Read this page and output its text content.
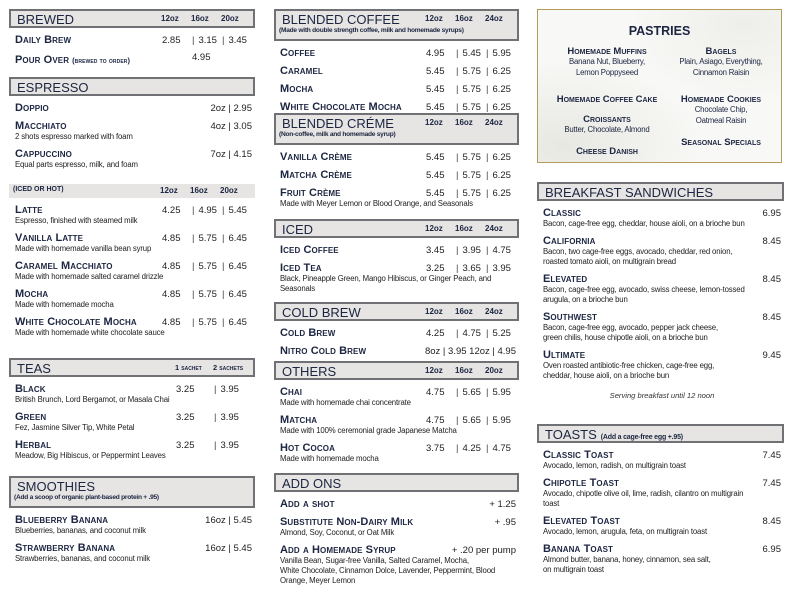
BREWED	12oz	16oz	20oz
Daily Brew	2.85	| 3.15	| 3.45
Pour Over (brewed to order)	4.95
ESPRESSO
Doppio	2oz | 2.95
Macchiato	4oz | 3.05
2 shots espresso marked with foam
Cappuccino	7oz | 4.15
Equal parts espresso, milk, and foam
(ICED OR HOT)	12oz	16oz	20oz
Latte	4.25	| 4.95	| 5.45
Espresso, finished with steamed milk
Vanilla Latte	4.85	| 5.75	| 6.45
Made with homemade vanilla bean syrup
Caramel Macchiato	4.85	| 5.75	| 6.45
Made with homemade salted caramel drizzle
Mocha	4.85	| 5.75	| 6.45
Made with homemade mocha
White Chocolate Mocha	4.85	| 5.75	| 6.45
Made with homemade white chocolate sauce
TEAS	1 sachet	2 sachets
Black	3.25	| 3.95
British Brunch, Lord Bergamot, or Masala Chai
Green	3.25	| 3.95
Fez, Jasmine Silver Tip, White Petal
Herbal	3.25	| 3.95
Meadow, Big Hibiscus, or Peppermint Leaves
SMOOTHIES
(Add a scoop of organic plant-based protein + .95)
Blueberry Banana	16oz | 5.45
Blueberries, bananas, and coconut milk
Strawberry Banana	16oz | 5.45
Strawberries, bananas, and coconut milk
BLENDED COFFEE
(Made with double strength coffee, milk and homemade syrups)
12oz	16oz	24oz
Coffee	4.95	| 5.45	| 5.95
Caramel	5.45	| 5.75	| 6.25
Mocha	5.45	| 5.75	| 6.25
White Chocolate Mocha	5.45	| 5.75	| 6.25
BLENDED CRÉME
(Non-coffee, milk and homemade syrup)
12oz	16oz	24oz
Vanilla Crème	5.45	| 5.75	| 6.25
Matcha Crème	5.45	| 5.75	| 6.25
Fruit Crème	5.45	| 5.75	| 6.25
Made with Meyer Lemon or Blood Orange, and Seasonals
ICED	12oz	16oz	24oz
Iced Coffee	3.45	| 3.95	| 4.75
Iced Tea	3.25	| 3.65	| 3.95
Black, Pineapple Green, Mango Hibiscus, or Ginger Peach, and
Seasonals
COLD BREW	12oz	16oz	24oz
Cold Brew	4.25	| 4.75	| 5.25
Nitro Cold Brew	8oz | 3.95 12oz | 4.95
OTHERS	12oz	16oz	20oz
Chai	4.75	| 5.65	| 5.95
Made with homemade chai concentrate
Matcha	4.75	| 5.65	| 5.95
Made with 100% ceremonial grade Japanese Matcha
Hot Cocoa	3.75	| 4.25	| 4.75
Made with homemade mocha
ADD ONS
Add a shot	+ 1.25
Substitute Non-Dairy Milk	+ .95
Almond, Soy, Coconut, or Oat Milk
Add a Homemade Syrup	+ .20 per pump
Vanilla Bean, Sugar-free Vanilla, Salted Caramel, Mocha,
White Chocolate, Cinnamon Dolce, Lavender, Peppermint, Blood
Orange, Meyer Lemon
BREAKFAST SANDWICHES
Classic	6.95
Bacon, cage-free egg, cheddar, house aioli, on a brioche bun
California	8.45
Bacon, two cage-free eggs, avocado, cheddar, red onion,
roasted tomato aioli, on multigrain bread
Elevated	8.45
Bacon, cage-free egg, avocado, swiss cheese, lemon-tossed
arugula, on a brioche bun
Southwest	8.45
Bacon, cage-free egg, avocado, pepper jack cheese,
green chilis, house chipotle aioli, on a brioche bun
Ultimate	9.45
Oven roasted antibiotic-free chicken, cage-free egg,
cheddar, house aioli, on a brioche bun
Serving breakfast until 12 noon
TOASTS (Add a cage-free egg +.95)
Classic Toast	7.45
Avocado, lemon, radish, on multigrain toast
Chipotle Toast	7.45
Avocado, chipotle olive oil, lime, radish, cilantro on multigrain
toast
Elevated Toast	8.45
Avocado, lemon, arugula, feta, on multigrain toast
Banana Toast	6.95
Almond butter, banana, honey, cinnamon, sea salt,
on multigrain toast
PASTRIES
Homemade Muffins
Banana Nut, Blueberry,
Lemon Poppyseed
Homemade Coffee Cake
Croissants
Butter, Chocolate, Almond
Cheese Danish
Bagels
Plain, Asiago, Everything,
Cinnamon Raisin
Homemade Cookies
Chocolate Chip,
Oatmeal Raisin
Seasonal Specials
